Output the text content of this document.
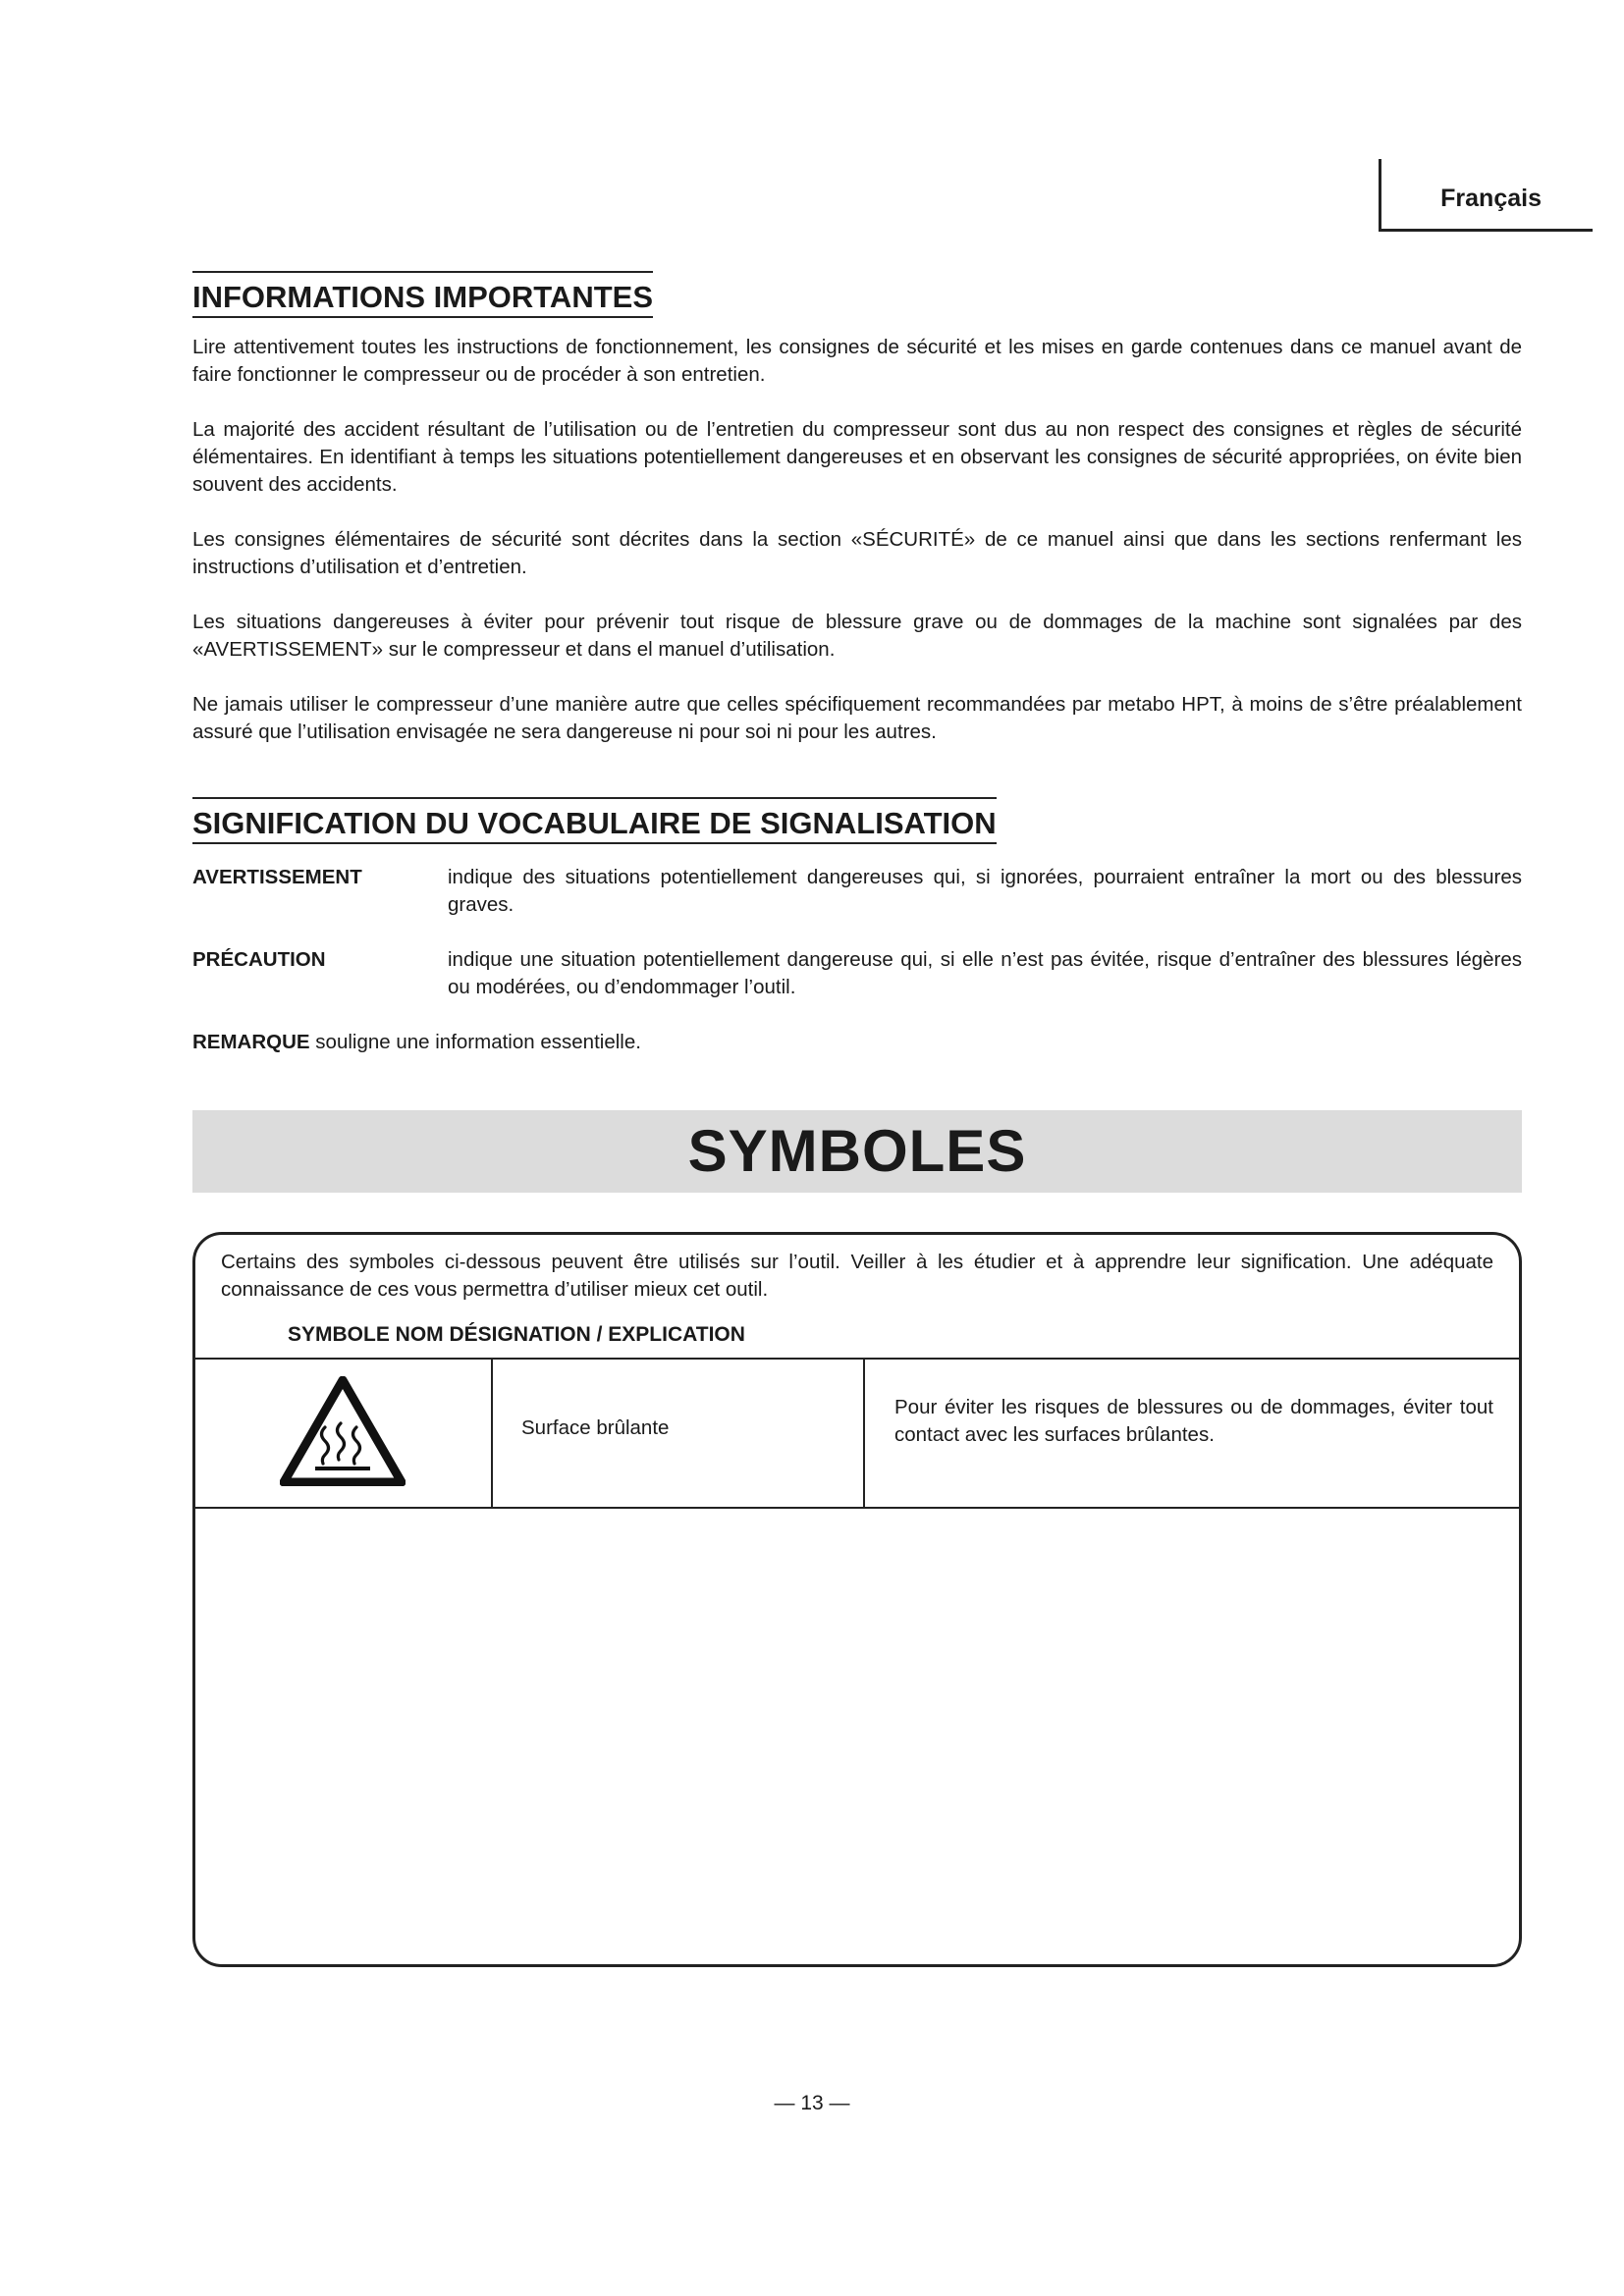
Français
INFORMATIONS IMPORTANTES

Lire attentivement toutes les instructions de fonctionnement, les consignes de sécurité et les mises en garde contenues dans ce manuel avant de faire fonctionner le compresseur ou de procéder à son entretien.

La majorité des accident résultant de l’utilisation ou de l’entretien du compresseur sont dus au non respect des consignes et règles de sécurité élémentaires. En identifiant à temps les situations potentiellement dangereuses et en observant les consignes de sécurité appropriées, on évite bien souvent des accidents.

Les consignes élémentaires de sécurité sont décrites dans la section «SÉCURITÉ» de ce manuel ainsi que dans les sections renfermant les instructions d’utilisation et d’entretien.

Les situations dangereuses à éviter pour prévenir tout risque de blessure grave ou de dommages de la machine sont signalées par des «AVERTISSEMENT» sur le compresseur et dans el manuel d’utilisation.

Ne jamais utiliser le compresseur d’une manière autre que celles spécifiquement recommandées par metabo HPT, à moins de s’être préalablement assuré que l’utilisation envisagée ne sera dangereuse ni pour soi ni pour les autres.

SIGNIFICATION DU VOCABULAIRE DE SIGNALISATION
AVERTISSEMENT	indique des situations potentiellement dangereuses qui, si ignorées, pourraient entraîner la mort ou des blessures graves.
PRÉCAUTION	indique une situation potentiellement dangereuse qui, si elle n’est pas évitée, risque d’entraîner des blessures légères ou modérées, ou d’endommager l’outil.
REMARQUE souligne une information essentielle.
SYMBOLES

Certains des symboles ci-dessous peuvent être utilisés sur l’outil. Veiller à les étudier et à apprendre leur signification. Une adéquate connaissance de ces vous permettra d’utiliser mieux cet outil.

SYMBOLE NOM DÉSIGNATION / EXPLICATION
Surface brûlante
Pour éviter les risques de blessures ou de dommages, éviter tout contact avec les surfaces brûlantes.
— 13 —
